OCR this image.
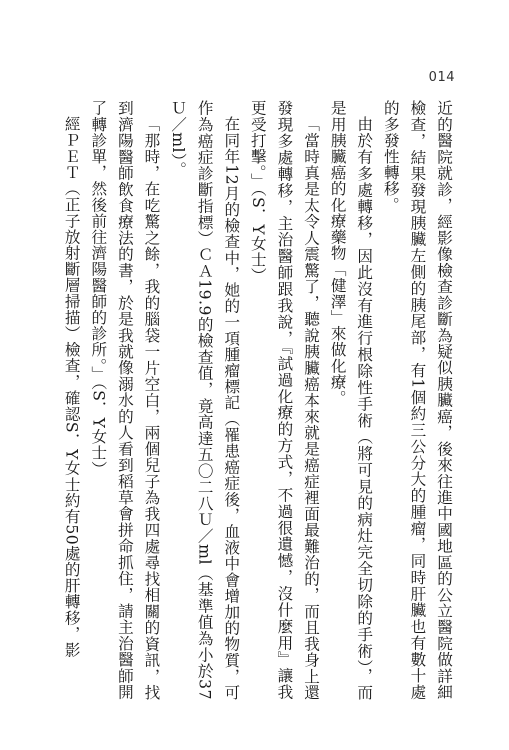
014

近的醫院就診，經影像檢查診斷為疑似胰臟癌，後來往進中國地區的公立醫院做詳細檢查，結果發現胰臟左側的胰尾部，有1個約三公分大的腫瘤，同時肝臟也有數十處的多發性轉移。

由於有多處轉移，因此沒有進行根除性手術（將可見的病灶完全切除的手術），而是用胰臟癌的化療藥物「健澤」來做化療。

「當時真是太令人震驚了，聽說胰臟癌本來就是癌症裡面最難治的，而且我身上還發現多處轉移，主治醫師跟我說，『試過化療的方式，不過很遺憾，沒什麼用』讓我更受打擊。」（S．Y女士）

在同年12月的檢查中，她的一項腫瘤標記（罹患癌症後，血液中會增加的物質，可作為癌症診斷指標）ＣＡ19.9的檢查值，竟高達五〇二八Ｕ／ml（基準值為小於37Ｕ／ml）。

「那時，在吃驚之餘，我的腦袋一片空白，兩個兒子為我四處尋找相關的資訊，找到濟陽醫師飲食療法的書，於是我就像溺水的人看到稻草會拼命抓住，請主治醫師開了轉診單，然後前往濟陽醫師的診所。」（S．Y女士）

經ＰＥＴ（正子放射斷層掃描）檢查，確認S．Y女士約有50處的肝轉移，影
